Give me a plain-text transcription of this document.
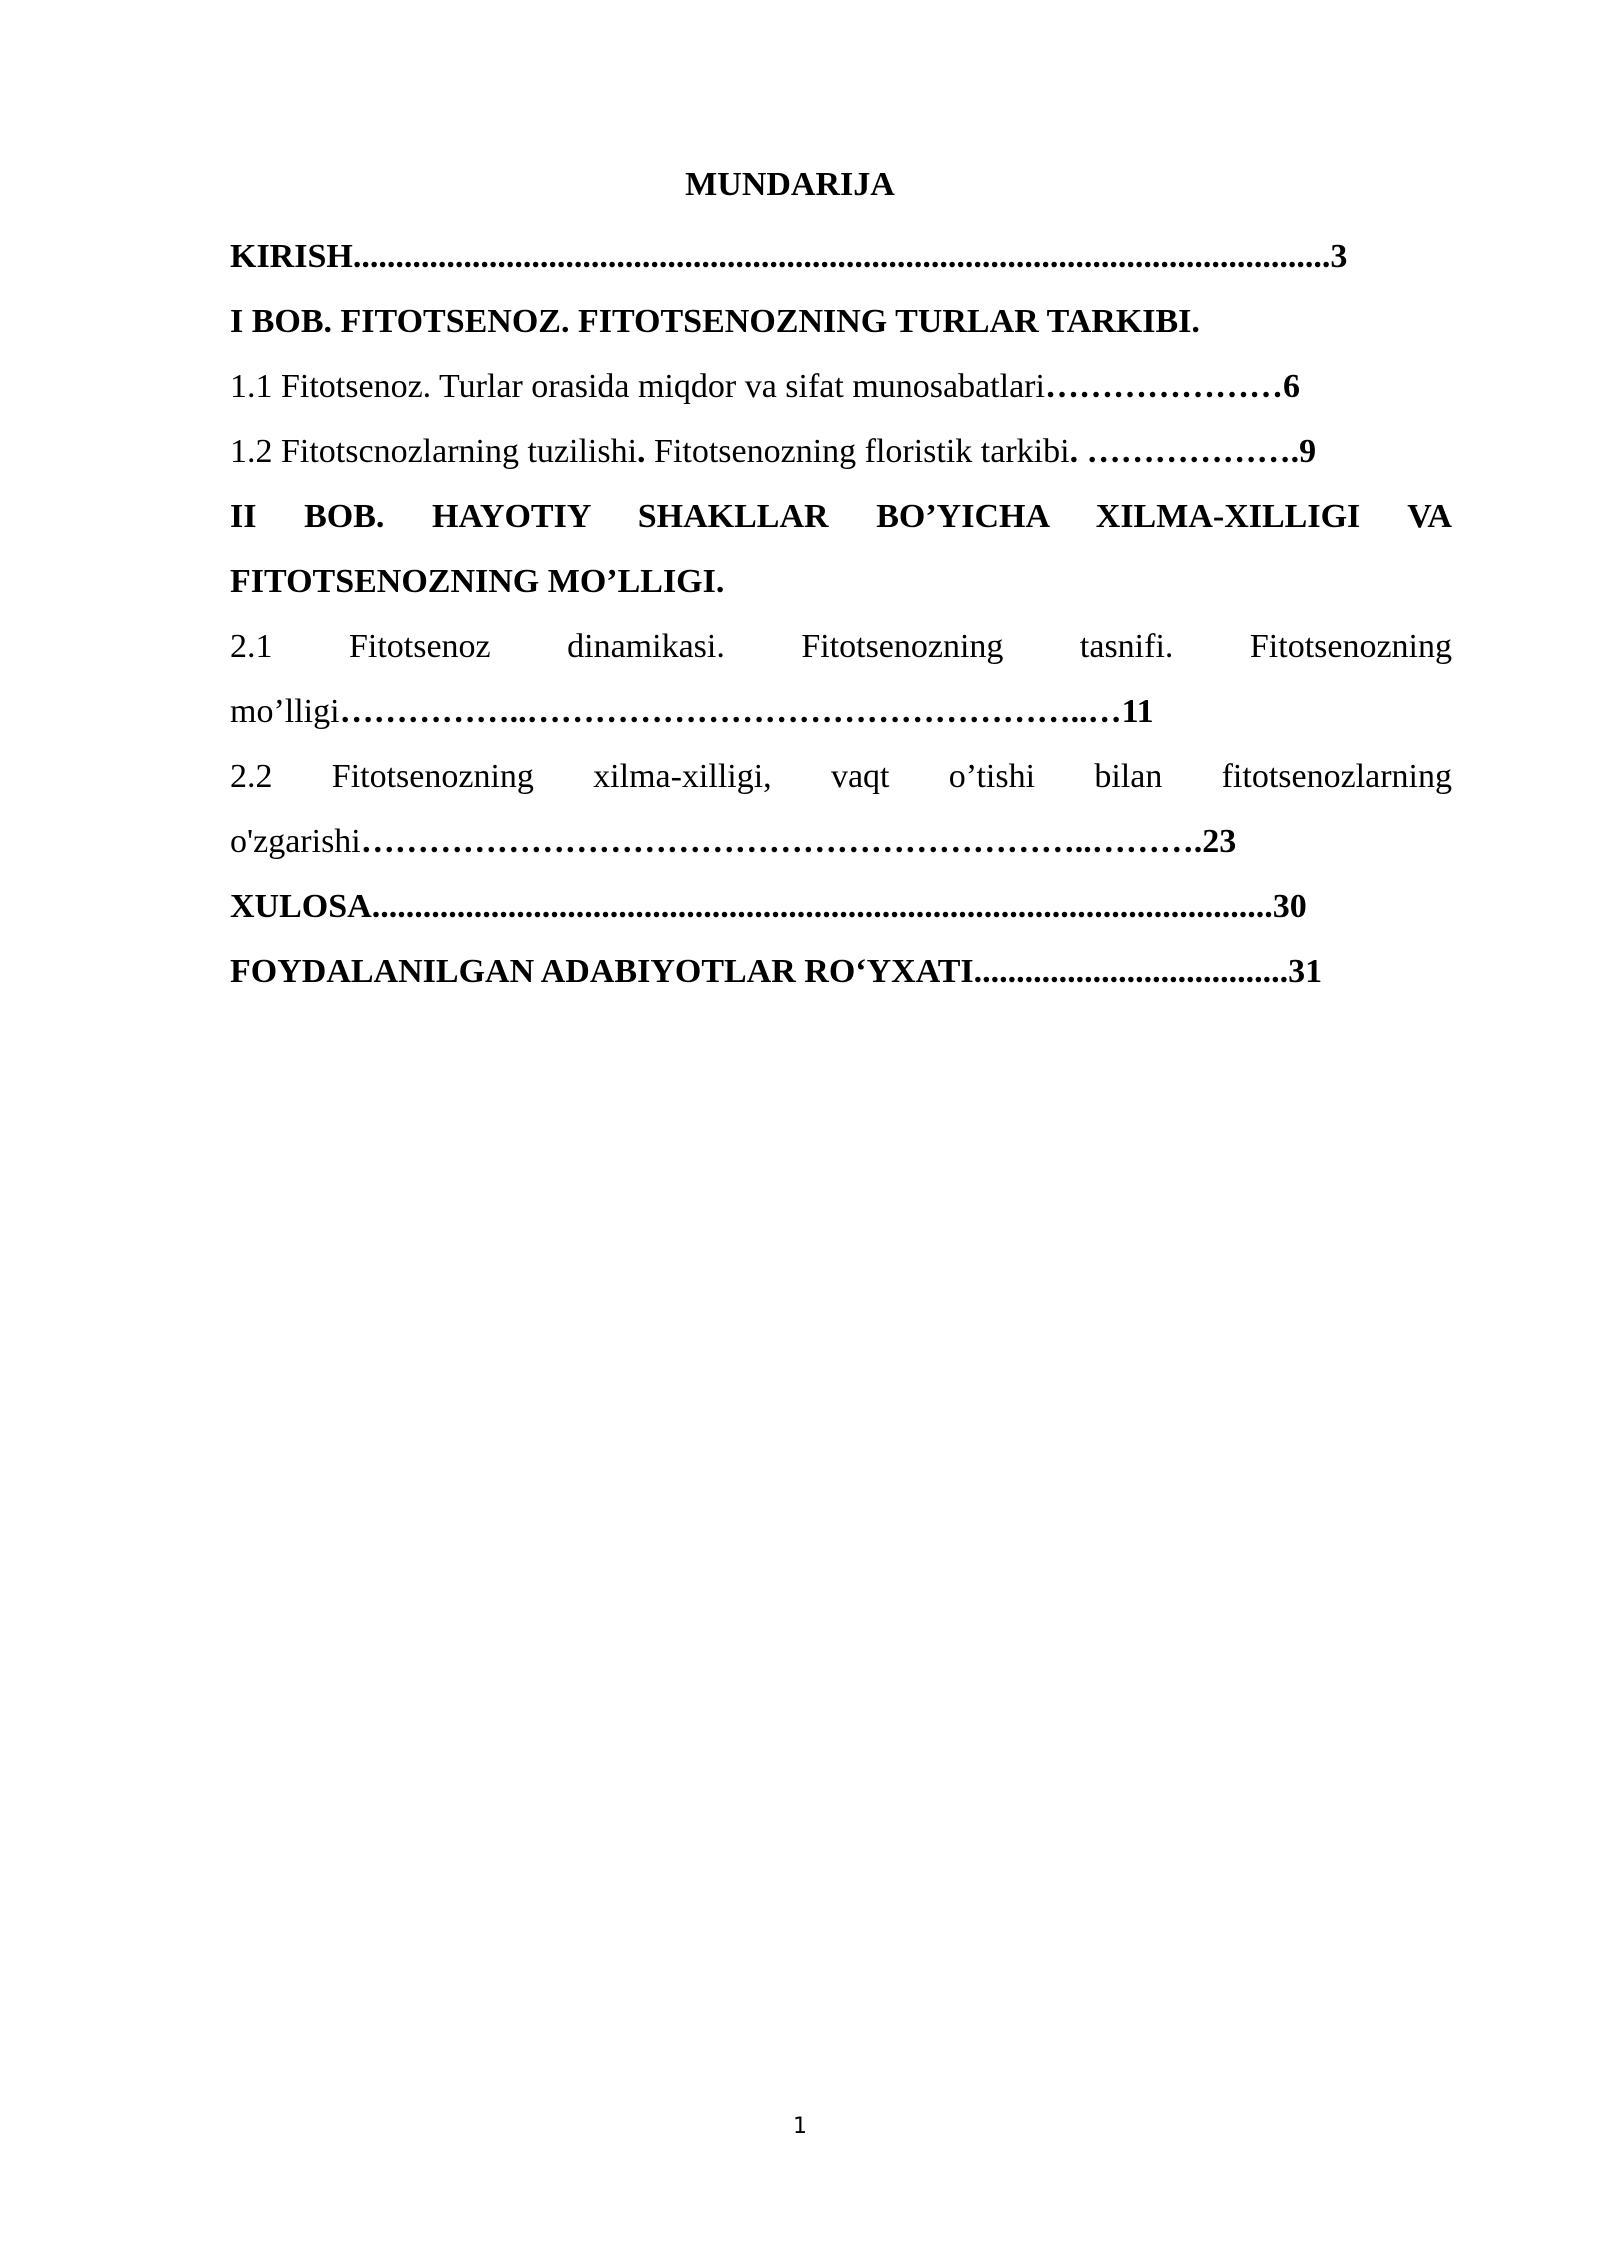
MUNDARIJA
KIRISH...................................................................................................................3
I BOB. FITOTSENOZ. FITOTSENOZNING TURLAR TARKIBI.
1.1 Fitotsenoz. Turlar orasida miqdor va sifat munosabatlari…………………6
1.2 Fitotscnozlarning tuzilishi. Fitotsenozning floristik tarkibi. ……………….9
II BOB. HAYOTIY SHAKLLAR BO’YICHA XILMA-XILLIGI VA
FITOTSENOZNING MO’LLIGI.
2.1 Fitotsenoz dinamikasi. Fitotsenozning tasnifi. Fitotsenozning
mo’lligi……………..…………………………………………..…11
2.2 Fitotsenozning xilma-xilligi, vaqt o’tishi bilan fitotsenozlarning
o'zgarishi………………………………………………………..……….23
XULOSA..........................................................................................................30
FOYDALANILGAN ADABIYOTLAR RO‘YXATI.....................................31
1
